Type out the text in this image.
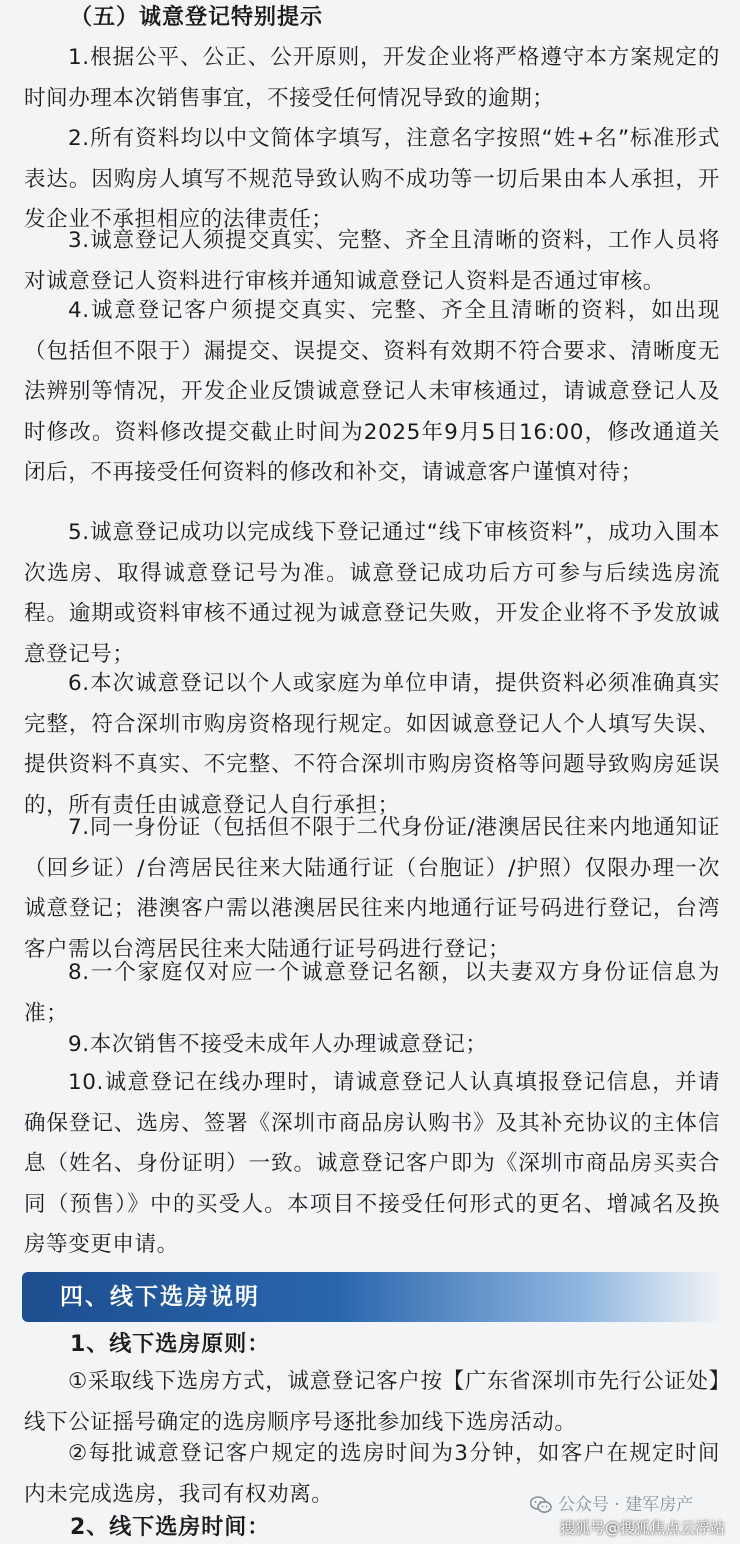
（五）诚意登记特别提示

1.根据公平、公正、公开原则，开发企业将严格遵守本方案规定的时间办理本次销售事宜，不接受任何情况导致的逾期；

2.所有资料均以中文简体字填写，注意名字按照“姓+名”标准形式表达。因购房人填写不规范导致认购不成功等一切后果由本人承担，开发企业不承担相应的法律责任；

3.诚意登记人须提交真实、完整、齐全且清晰的资料，工作人员将对诚意登记人资料进行审核并通知诚意登记人资料是否通过审核。

4.诚意登记客户须提交真实、完整、齐全且清晰的资料，如出现（包括但不限于）漏提交、误提交、资料有效期不符合要求、清晰度无法辨别等情况，开发企业反馈诚意登记人未审核通过，请诚意登记人及时修改。资料修改提交截止时间为2025年9月5日16:00，修改通道关闭后，不再接受任何资料的修改和补交，请诚意客户谨慎对待；

5.诚意登记成功以完成线下登记通过“线下审核资料”，成功入围本次选房、取得诚意登记号为准。诚意登记成功后方可参与后续选房流程。逾期或资料审核不通过视为诚意登记失败，开发企业将不予发放诚意登记号；

6.本次诚意登记以个人或家庭为单位申请，提供资料必须准确真实完整，符合深圳市购房资格现行规定。如因诚意登记人个人填写失误、提供资料不真实、不完整、不符合深圳市购房资格等问题导致购房延误的，所有责任由诚意登记人自行承担；

7.同一身份证（包括但不限于二代身份证/港澳居民往来内地通知证（回乡证）/台湾居民往来大陆通行证（台胞证）/护照）仅限办理一次诚意登记；港澳客户需以港澳居民往来内地通行证号码进行登记，台湾客户需以台湾居民往来大陆通行证号码进行登记；

8.一个家庭仅对应一个诚意登记名额，以夫妻双方身份证信息为准；

9.本次销售不接受未成年人办理诚意登记；

10.诚意登记在线办理时，请诚意登记人认真填报登记信息，并请确保登记、选房、签署《深圳市商品房认购书》及其补充协议的主体信息（姓名、身份证明）一致。诚意登记客户即为《深圳市商品房买卖合同（预售）》中的买受人。本项目不接受任何形式的更名、增减名及换房等变更申请。

四、线下选房说明
1、线下选房原则：

①采取线下选房方式，诚意登记客户按【广东省深圳市先行公证处】线下公证摇号确定的选房顺序号逐批参加线下选房活动。

②每批诚意登记客户规定的选房时间为3分钟，如客户在规定时间内未完成选房，我司有权劝离。

2、线下选房时间：
公众号 · 建军房产
搜狐号@搜狐焦点云浮站
